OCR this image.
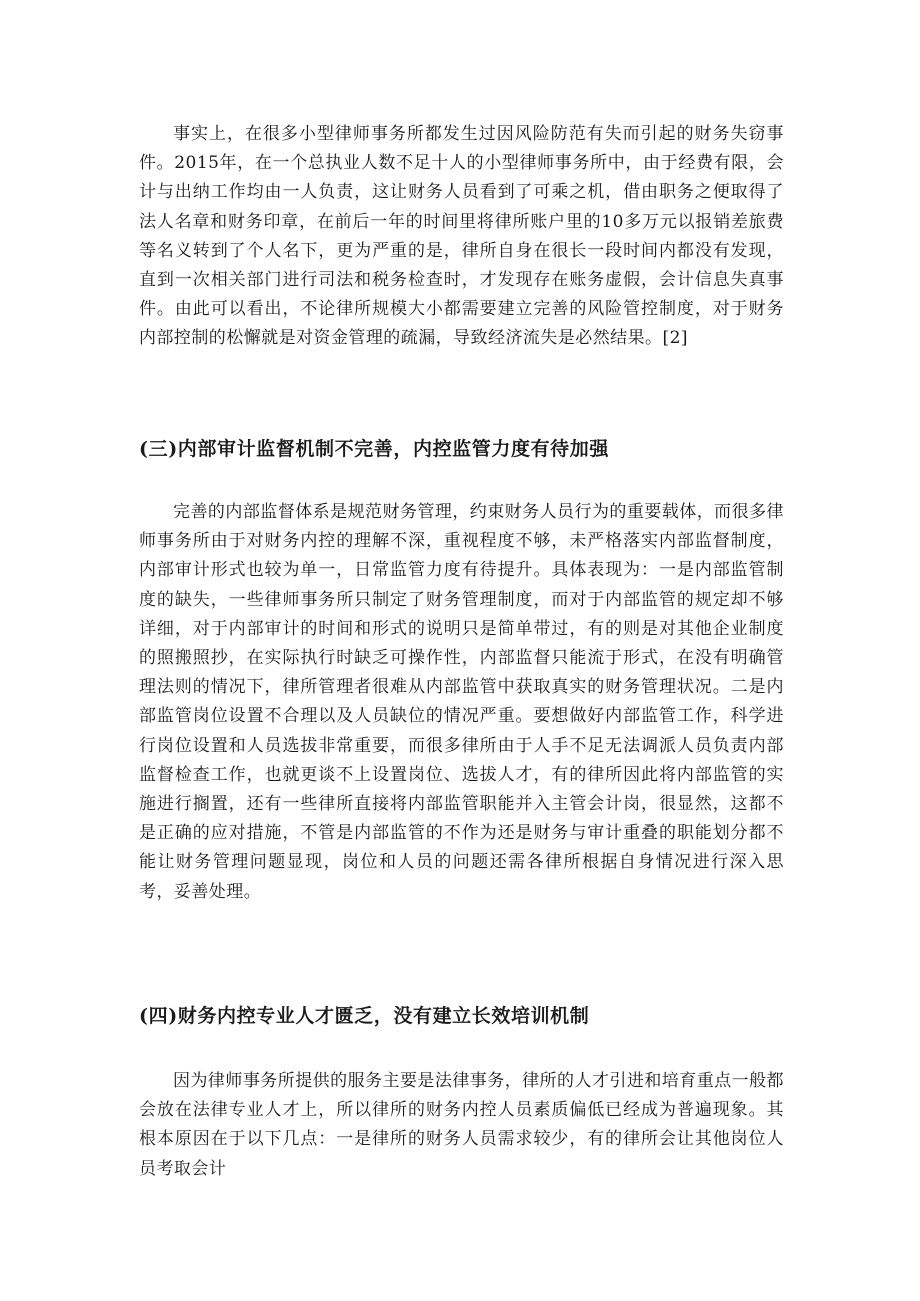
事实上，在很多小型律师事务所都发生过因风险防范有失而引起的财务失窃事件。2015年，在一个总执业人数不足十人的小型律师事务所中，由于经费有限，会计与出纳工作均由一人负责，这让财务人员看到了可乘之机，借由职务之便取得了法人名章和财务印章，在前后一年的时间里将律所账户里的10多万元以报销差旅费等名义转到了个人名下，更为严重的是，律所自身在很长一段时间内都没有发现，直到一次相关部门进行司法和税务检查时，才发现存在账务虚假，会计信息失真事件。由此可以看出，不论律所规模大小都需要建立完善的风险管控制度，对于财务内部控制的松懈就是对资金管理的疏漏，导致经济流失是必然结果。[2]

(三)内部审计监督机制不完善，内控监管力度有待加强

完善的内部监督体系是规范财务管理，约束财务人员行为的重要载体，而很多律师事务所由于对财务内控的理解不深，重视程度不够，未严格落实内部监督制度，内部审计形式也较为单一，日常监管力度有待提升。具体表现为：一是内部监管制度的缺失，一些律师事务所只制定了财务管理制度，而对于内部监管的规定却不够详细，对于内部审计的时间和形式的说明只是简单带过，有的则是对其他企业制度的照搬照抄，在实际执行时缺乏可操作性，内部监督只能流于形式，在没有明确管理法则的情况下，律所管理者很难从内部监管中获取真实的财务管理状况。二是内部监管岗位设置不合理以及人员缺位的情况严重。要想做好内部监管工作，科学进行岗位设置和人员选拔非常重要，而很多律所由于人手不足无法调派人员负责内部监督检查工作，也就更谈不上设置岗位、选拔人才，有的律所因此将内部监管的实施进行搁置，还有一些律所直接将内部监管职能并入主管会计岗，很显然，这都不是正确的应对措施，不管是内部监管的不作为还是财务与审计重叠的职能划分都不能让财务管理问题显现，岗位和人员的问题还需各律所根据自身情况进行深入思考，妥善处理。

(四)财务内控专业人才匮乏，没有建立长效培训机制

因为律师事务所提供的服务主要是法律事务，律所的人才引进和培育重点一般都会放在法律专业人才上，所以律所的财务内控人员素质偏低已经成为普遍现象。其根本原因在于以下几点：一是律所的财务人员需求较少，有的律所会让其他岗位人员考取会计
